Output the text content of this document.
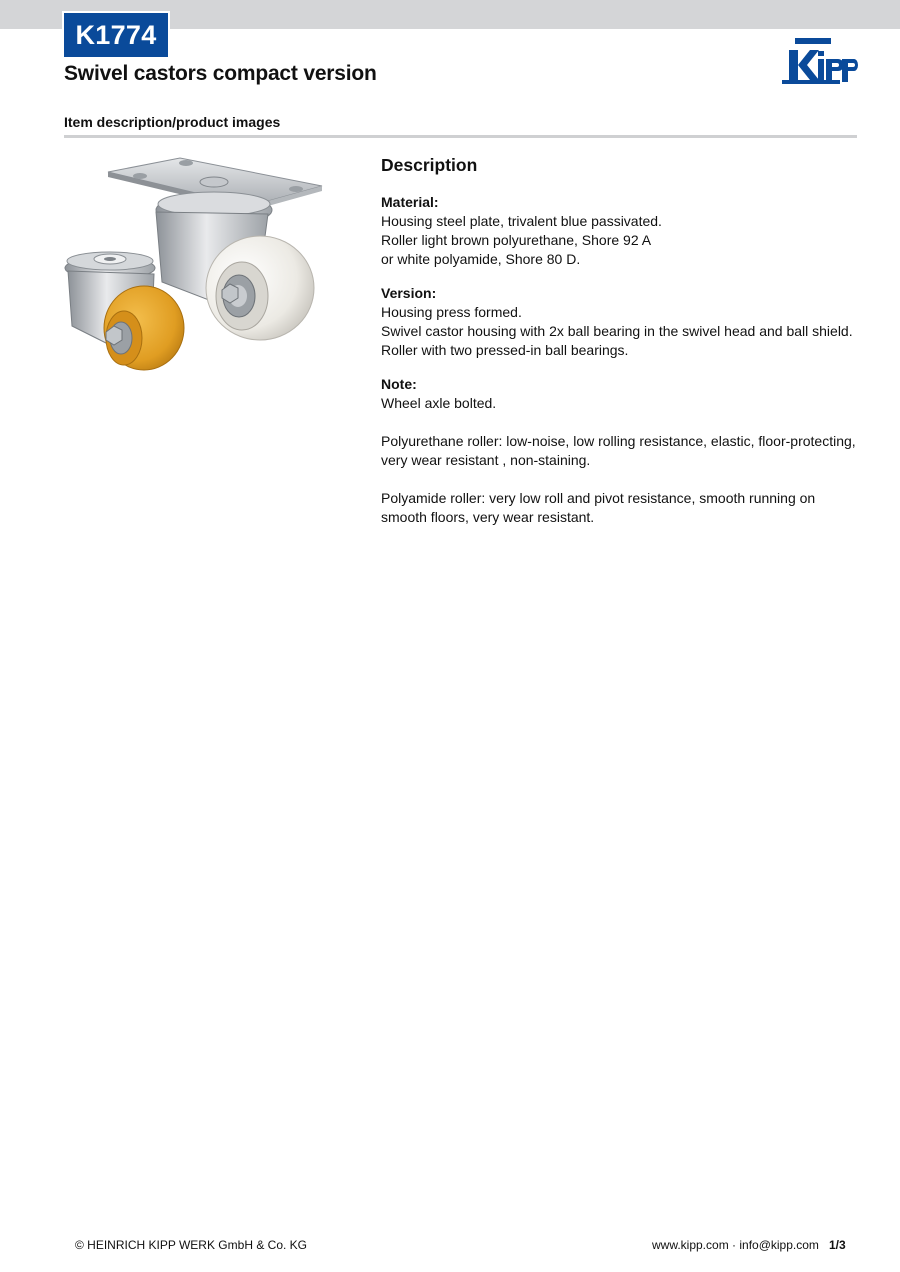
K1774
Swivel castors compact version
Item description/product images
Description

Material:
Housing steel plate, trivalent blue passivated.
Roller light brown polyurethane, Shore 92 A
or white polyamide, Shore 80 D.

Version:
Housing press formed.
Swivel castor housing with 2x ball bearing in the swivel head and ball shield.
Roller with two pressed-in ball bearings.

Note:
Wheel axle bolted.

Polyurethane roller: low-noise, low rolling resistance, elastic, floor-protecting, very wear resistant , non-staining.

Polyamide roller: very low roll and pivot resistance, smooth running on smooth floors, very wear resistant.

© HEINRICH KIPP WERK GmbH & Co. KG	www.kipp.com · info@kipp.com 1/3
